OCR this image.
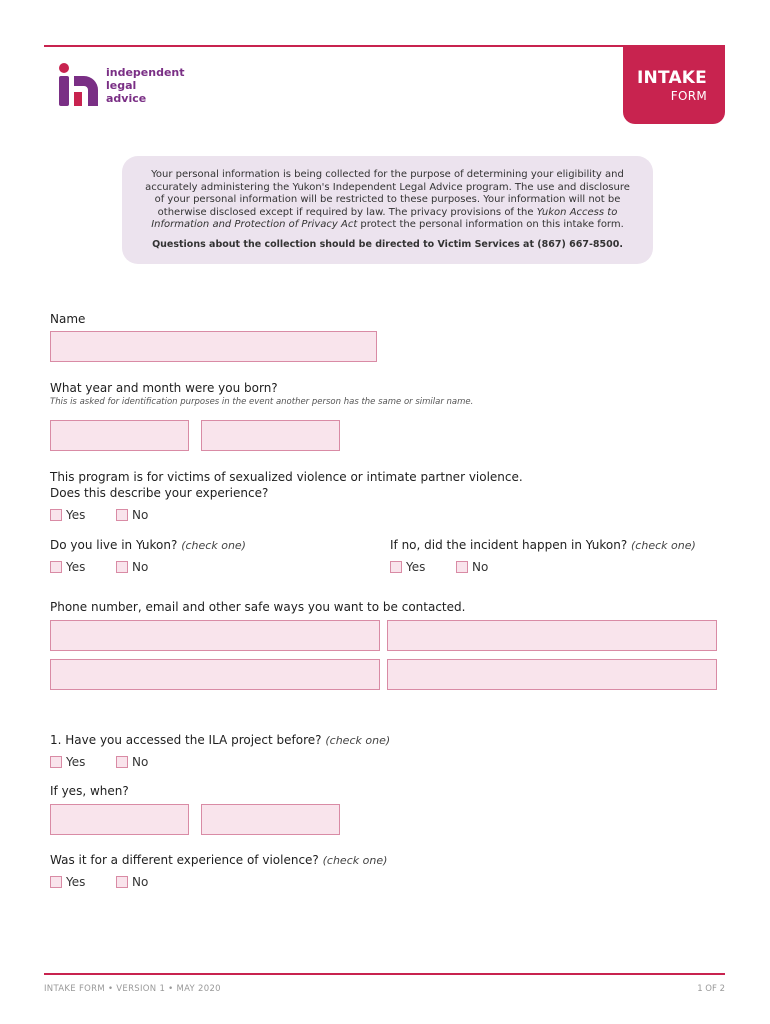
independent legal advice
INTAKE
FORM
Your personal information is being collected for the purpose of determining your eligibility and accurately administering the Yukon's Independent Legal Advice program. The use and disclosure of your personal information will be restricted to these purposes. Your information will not be otherwise disclosed except if required by law. The privacy provisions of the Yukon Access to Information and Protection of Privacy Act protect the personal information on this intake form.
Questions about the collection should be directed to Victim Services at (867) 667-8500.
Name
What year and month were you born?
This is asked for identification purposes in the event another person has the same or similar name.
This program is for victims of sexualized violence or intimate partner violence.
Does this describe your experience?
Yes	No
Do you live in Yukon? (check one)
Yes	No
If no, did the incident happen in Yukon? (check one)
Yes	No
Phone number, email and other safe ways you want to be contacted.
1. Have you accessed the ILA project before? (check one)
Yes	No
If yes, when?
Was it for a different experience of violence? (check one)
Yes	No
INTAKE FORM • VERSION 1 • MAY 2020	1 OF 2
